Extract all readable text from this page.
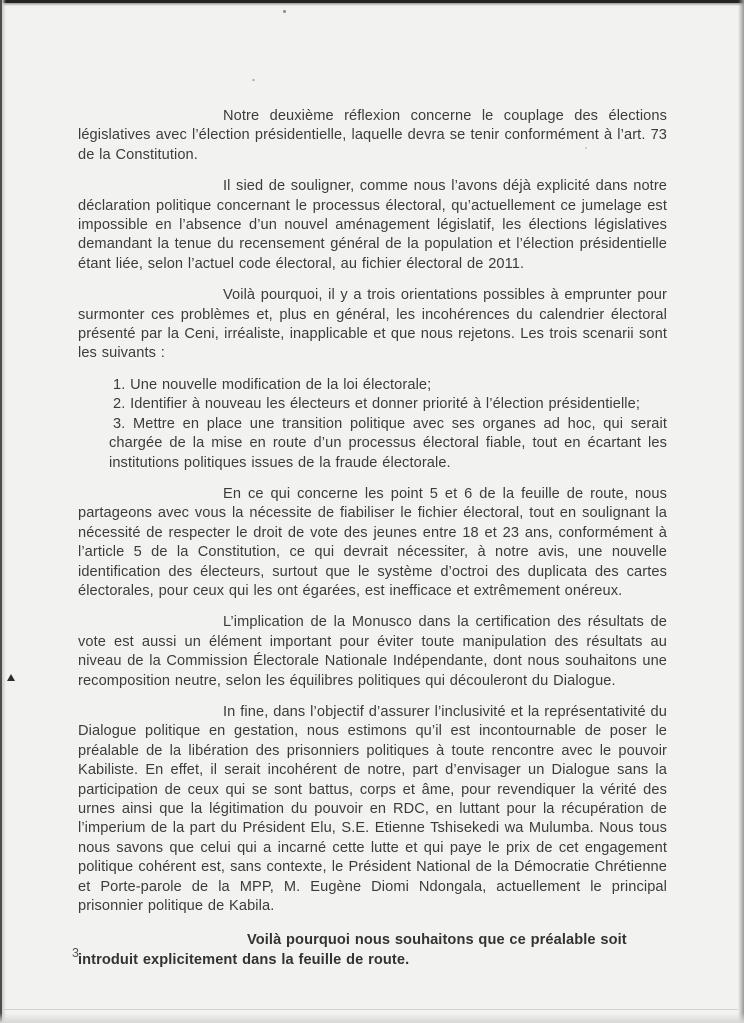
Notre deuxième réflexion concerne le couplage des élections législatives avec l’élection présidentielle, laquelle devra se tenir conformément à l’art. 73 de la Constitution.

Il sied de souligner, comme nous l’avons déjà explicité dans notre déclaration politique concernant le processus électoral, qu’actuellement ce jumelage est impossible en l’absence d’un nouvel aménagement législatif, les élections législatives demandant la tenue du recensement général de la population et l’élection présidentielle étant liée, selon l’actuel code électoral, au fichier électoral de 2011.

Voilà pourquoi, il y a trois orientations possibles à emprunter pour surmonter ces problèmes et, plus en général, les incohérences du calendrier électoral présenté par la Ceni, irréaliste, inapplicable et que nous rejetons. Les trois scenarii sont les suivants :

1. Une nouvelle modification de la loi électorale;
2. Identifier à nouveau les électeurs et donner priorité à l’élection présidentielle;
3. Mettre en place une transition politique avec ses organes ad hoc, qui serait chargée de la mise en route d’un processus électoral fiable, tout en écartant les institutions politiques issues de la fraude électorale.

En ce qui concerne les point 5 et 6 de la feuille de route, nous partageons avec vous la nécessite de fiabiliser le fichier électoral, tout en soulignant la nécessité de respecter le droit de vote des jeunes entre 18 et 23 ans, conformément à l’article 5 de la Constitution, ce qui devrait nécessiter, à notre avis, une nouvelle identification des électeurs, surtout que le système d’octroi des duplicata des cartes électorales, pour ceux qui les ont égarées, est inefficace et extrêmement onéreux.

L’implication de la Monusco dans la certification des résultats de vote est aussi un élément important pour éviter toute manipulation des résultats au niveau de la Commission Électorale Nationale Indépendante, dont nous souhaitons une recomposition neutre, selon les équilibres politiques qui découleront du Dialogue.

In fine, dans l’objectif d’assurer l’inclusivité et la représentativité du Dialogue politique en gestation, nous estimons qu’il est incontournable de poser le préalable de la libération des prisonniers politiques à toute rencontre avec le pouvoir Kabiliste. En effet, il serait incohérent de notre, part d’envisager un Dialogue sans la participation de ceux qui se sont battus, corps et âme, pour revendiquer la vérité des urnes ainsi que la légitimation du pouvoir en RDC, en luttant pour la récupération de l’imperium de la part du Président Elu, S.E. Etienne Tshisekedi wa Mulumba. Nous tous nous savons que celui qui a incarné cette lutte et qui paye le prix de cet engagement politique cohérent est, sans contexte, le Président National de la Démocratie Chrétienne et Porte-parole de la MPP, M. Eugène Diomi Ndongala, actuellement le principal prisonnier politique de Kabila.

Voilà pourquoi nous souhaitons que ce préalable soit
introduit explicitement dans la feuille de route.
3
